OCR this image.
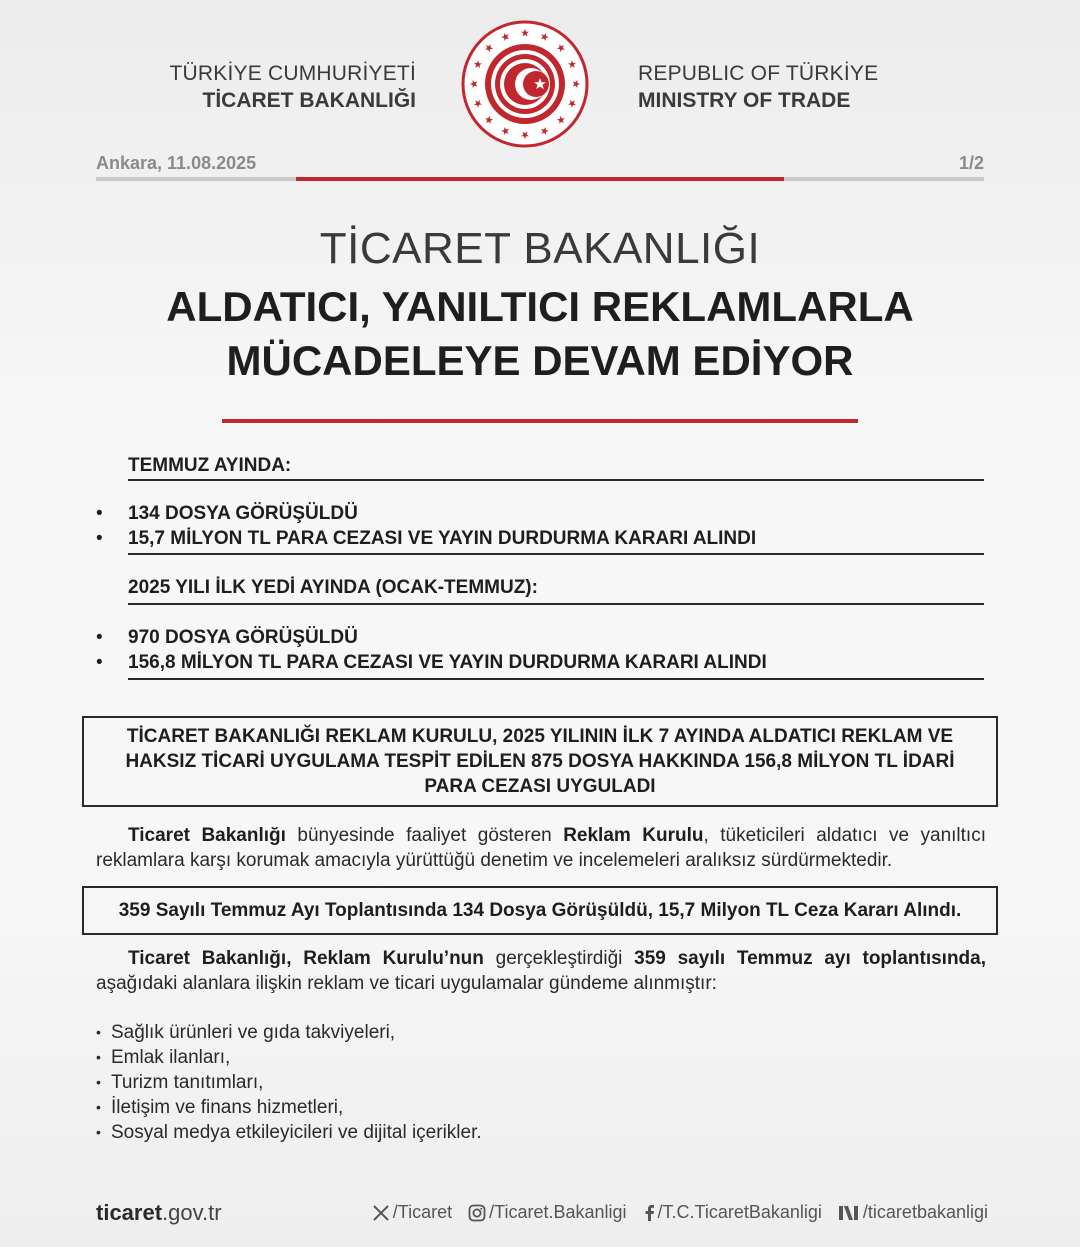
TÜRKİYE CUMHURİYETİ
TİCARET BAKANLIĞI
REPUBLIC OF TÜRKİYE
MINISTRY OF TRADE
Ankara, 11.08.2025	1/2
TİCARET BAKANLIĞI
ALDATICI, YANILTICI REKLAMLARLA
MÜCADELEYE DEVAM EDİYOR
TEMMUZ AYINDA:
• 134 DOSYA GÖRÜŞÜLDÜ
• 15,7 MİLYON TL PARA CEZASI VE YAYIN DURDURMA KARARI ALINDI
2025 YILI İLK YEDİ AYINDA (OCAK-TEMMUZ):
• 970 DOSYA GÖRÜŞÜLDÜ
• 156,8 MİLYON TL PARA CEZASI VE YAYIN DURDURMA KARARI ALINDI
TİCARET BAKANLIĞI REKLAM KURULU, 2025 YILININ İLK 7 AYINDA ALDATICI REKLAM VE
HAKSIZ TİCARİ UYGULAMA TESPİT EDİLEN 875 DOSYA HAKKINDA 156,8 MİLYON TL İDARİ
PARA CEZASI UYGULADI
Ticaret Bakanlığı bünyesinde faaliyet gösteren Reklam Kurulu, tüketicileri aldatıcı ve yanıltıcı reklamlara karşı korumak amacıyla yürüttüğü denetim ve incelemeleri aralıksız sürdürmektedir.
359 Sayılı Temmuz Ayı Toplantısında 134 Dosya Görüşüldü, 15,7 Milyon TL Ceza Kararı Alındı.
Ticaret Bakanlığı, Reklam Kurulu’nun gerçekleştirdiği 359 sayılı Temmuz ayı toplantısında, aşağıdaki alanlara ilişkin reklam ve ticari uygulamalar gündeme alınmıştır:
• Sağlık ürünleri ve gıda takviyeleri,
• Emlak ilanları,
• Turizm tanıtımları,
• İletişim ve finans hizmetleri,
• Sosyal medya etkileyicileri ve dijital içerikler.
ticaret.gov.tr	/Ticaret /Ticaret.Bakanligi /T.C.TicaretBakanligi /ticaretbakanligi
